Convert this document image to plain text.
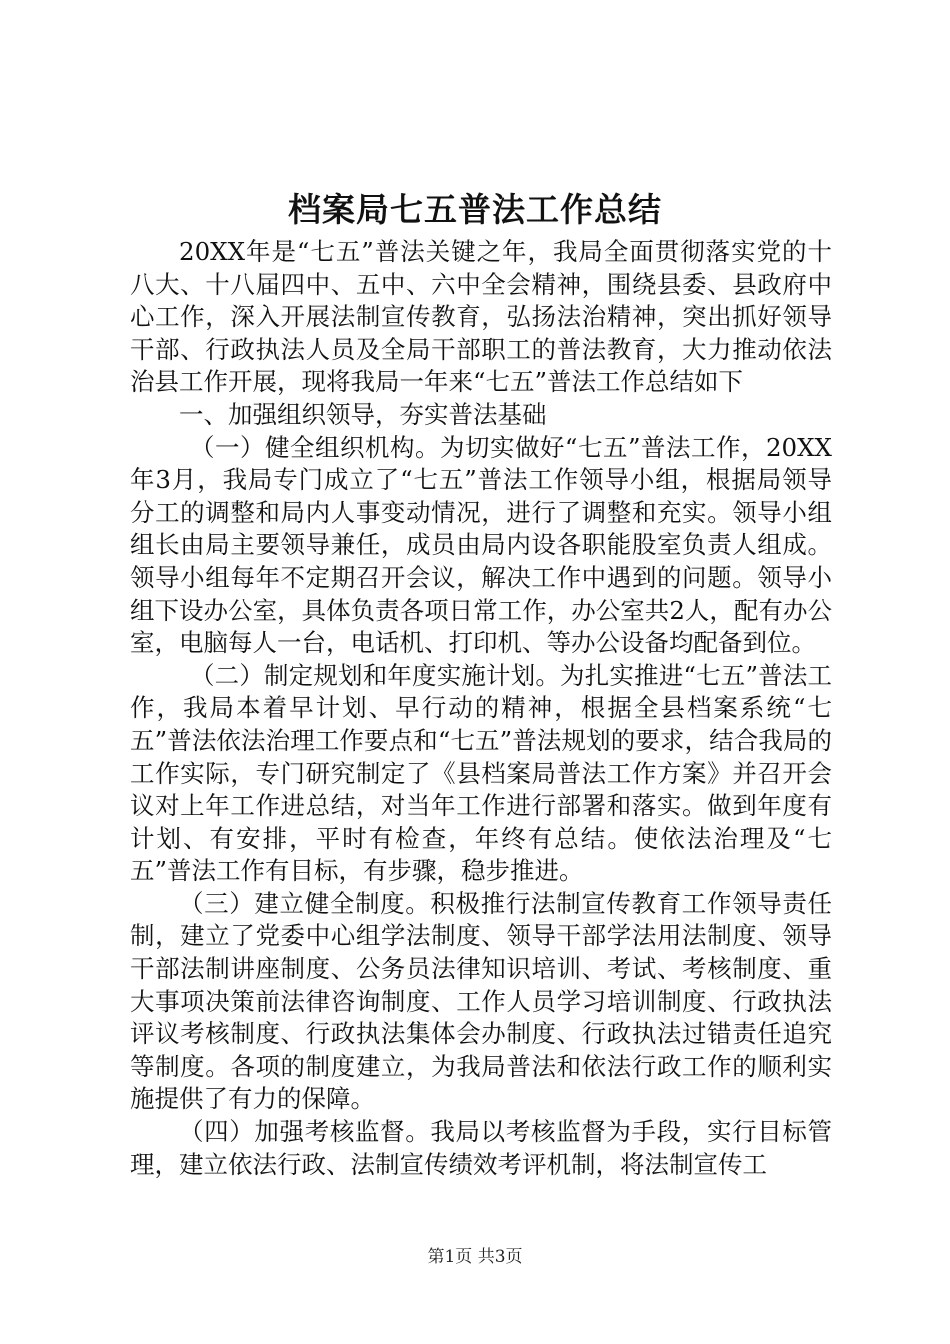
档案局七五普法工作总结

20XX年是“七五”普法关键之年，我局全面贯彻落实党的十八大、十八届四中、五中、六中全会精神，围绕县委、县政府中心工作，深入开展法制宣传教育，弘扬法治精神，突出抓好领导干部、行政执法人员及全局干部职工的普法教育，大力推动依法治县工作开展，现将我局一年来“七五”普法工作总结如下

一、加强组织领导，夯实普法基础

（一）健全组织机构。为切实做好“七五”普法工作，20XX年3月，我局专门成立了“七五”普法工作领导小组，根据局领导分工的调整和局内人事变动情况，进行了调整和充实。领导小组组长由局主要领导兼任，成员由局内设各职能股室负责人组成。领导小组每年不定期召开会议，解决工作中遇到的问题。领导小组下设办公室，具体负责各项日常工作，办公室共2人，配有办公室，电脑每人一台，电话机、打印机、等办公设备均配备到位。

（二）制定规划和年度实施计划。为扎实推进“七五”普法工作，我局本着早计划、早行动的精神，根据全县档案系统“七五”普法依法治理工作要点和“七五”普法规划的要求，结合我局的工作实际，专门研究制定了《县档案局普法工作方案》并召开会议对上年工作进总结，对当年工作进行部署和落实。做到年度有计划、有安排，平时有检查，年终有总结。使依法治理及“七五”普法工作有目标，有步骤，稳步推进。

（三）建立健全制度。积极推行法制宣传教育工作领导责任制，建立了党委中心组学法制度、领导干部学法用法制度、领导干部法制讲座制度、公务员法律知识培训、考试、考核制度、重大事项决策前法律咨询制度、工作人员学习培训制度、行政执法评议考核制度、行政执法集体会办制度、行政执法过错责任追究等制度。各项的制度建立，为我局普法和依法行政工作的顺利实施提供了有力的保障。

（四）加强考核监督。我局以考核监督为手段，实行目标管理，建立依法行政、法制宣传绩效考评机制，将法制宣传工

第1页 共3页
